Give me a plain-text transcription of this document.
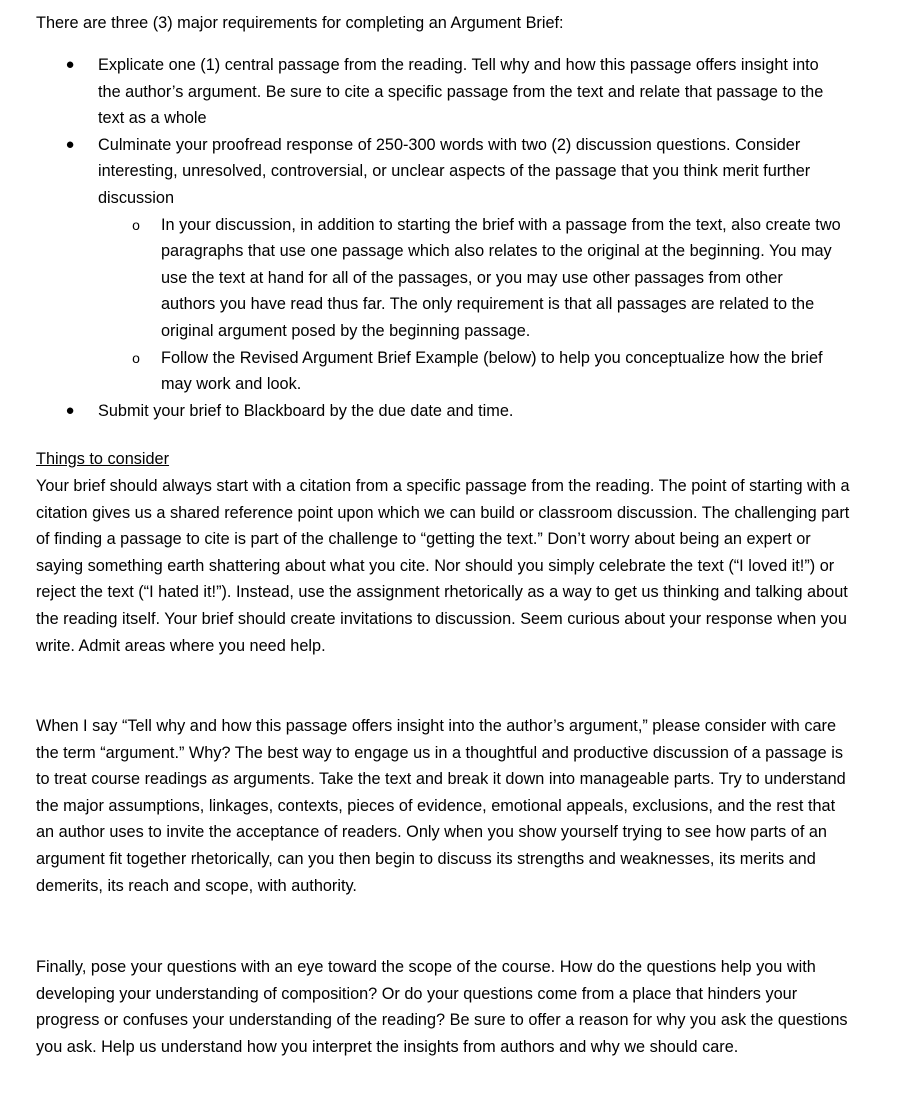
There are three (3) major requirements for completing an Argument Brief:

● Explicate one (1) central passage from the reading. Tell why and how this passage offers insight into the author’s argument. Be sure to cite a specific passage from the text and relate that passage to the text as a whole

● Culminate your proofread response of 250-300 words with two (2) discussion questions. Consider interesting, unresolved, controversial, or unclear aspects of the passage that you think merit further discussion

o In your discussion, in addition to starting the brief with a passage from the text, also create two paragraphs that use one passage which also relates to the original at the beginning. You may use the text at hand for all of the passages, or you may use other passages from other authors you have read thus far. The only requirement is that all passages are related to the original argument posed by the beginning passage.

o Follow the Revised Argument Brief Example (below) to help you conceptualize how the brief may work and look.

● Submit your brief to Blackboard by the due date and time.

Things to consider

Your brief should always start with a citation from a specific passage from the reading. The point of starting with a citation gives us a shared reference point upon which we can build or classroom discussion. The challenging part of finding a passage to cite is part of the challenge to “getting the text.” Don’t worry about being an expert or saying something earth shattering about what you cite. Nor should you simply celebrate the text (“I loved it!”) or reject the text (“I hated it!”). Instead, use the assignment rhetorically as a way to get us thinking and talking about the reading itself. Your brief should create invitations to discussion. Seem curious about your response when you write. Admit areas where you need help.

When I say “Tell why and how this passage offers insight into the author’s argument,” please consider with care the term “argument.” Why? The best way to engage us in a thoughtful and productive discussion of a passage is to treat course readings as arguments. Take the text and break it down into manageable parts. Try to understand the major assumptions, linkages, contexts, pieces of evidence, emotional appeals, exclusions, and the rest that an author uses to invite the acceptance of readers. Only when you show yourself trying to see how parts of an argument fit together rhetorically, can you then begin to discuss its strengths and weaknesses, its merits and demerits, its reach and scope, with authority.

Finally, pose your questions with an eye toward the scope of the course. How do the questions help you with developing your understanding of composition? Or do your questions come from a place that hinders your progress or confuses your understanding of the reading? Be sure to offer a reason for why you ask the questions you ask. Help us understand how you interpret the insights from authors and why we should care.
